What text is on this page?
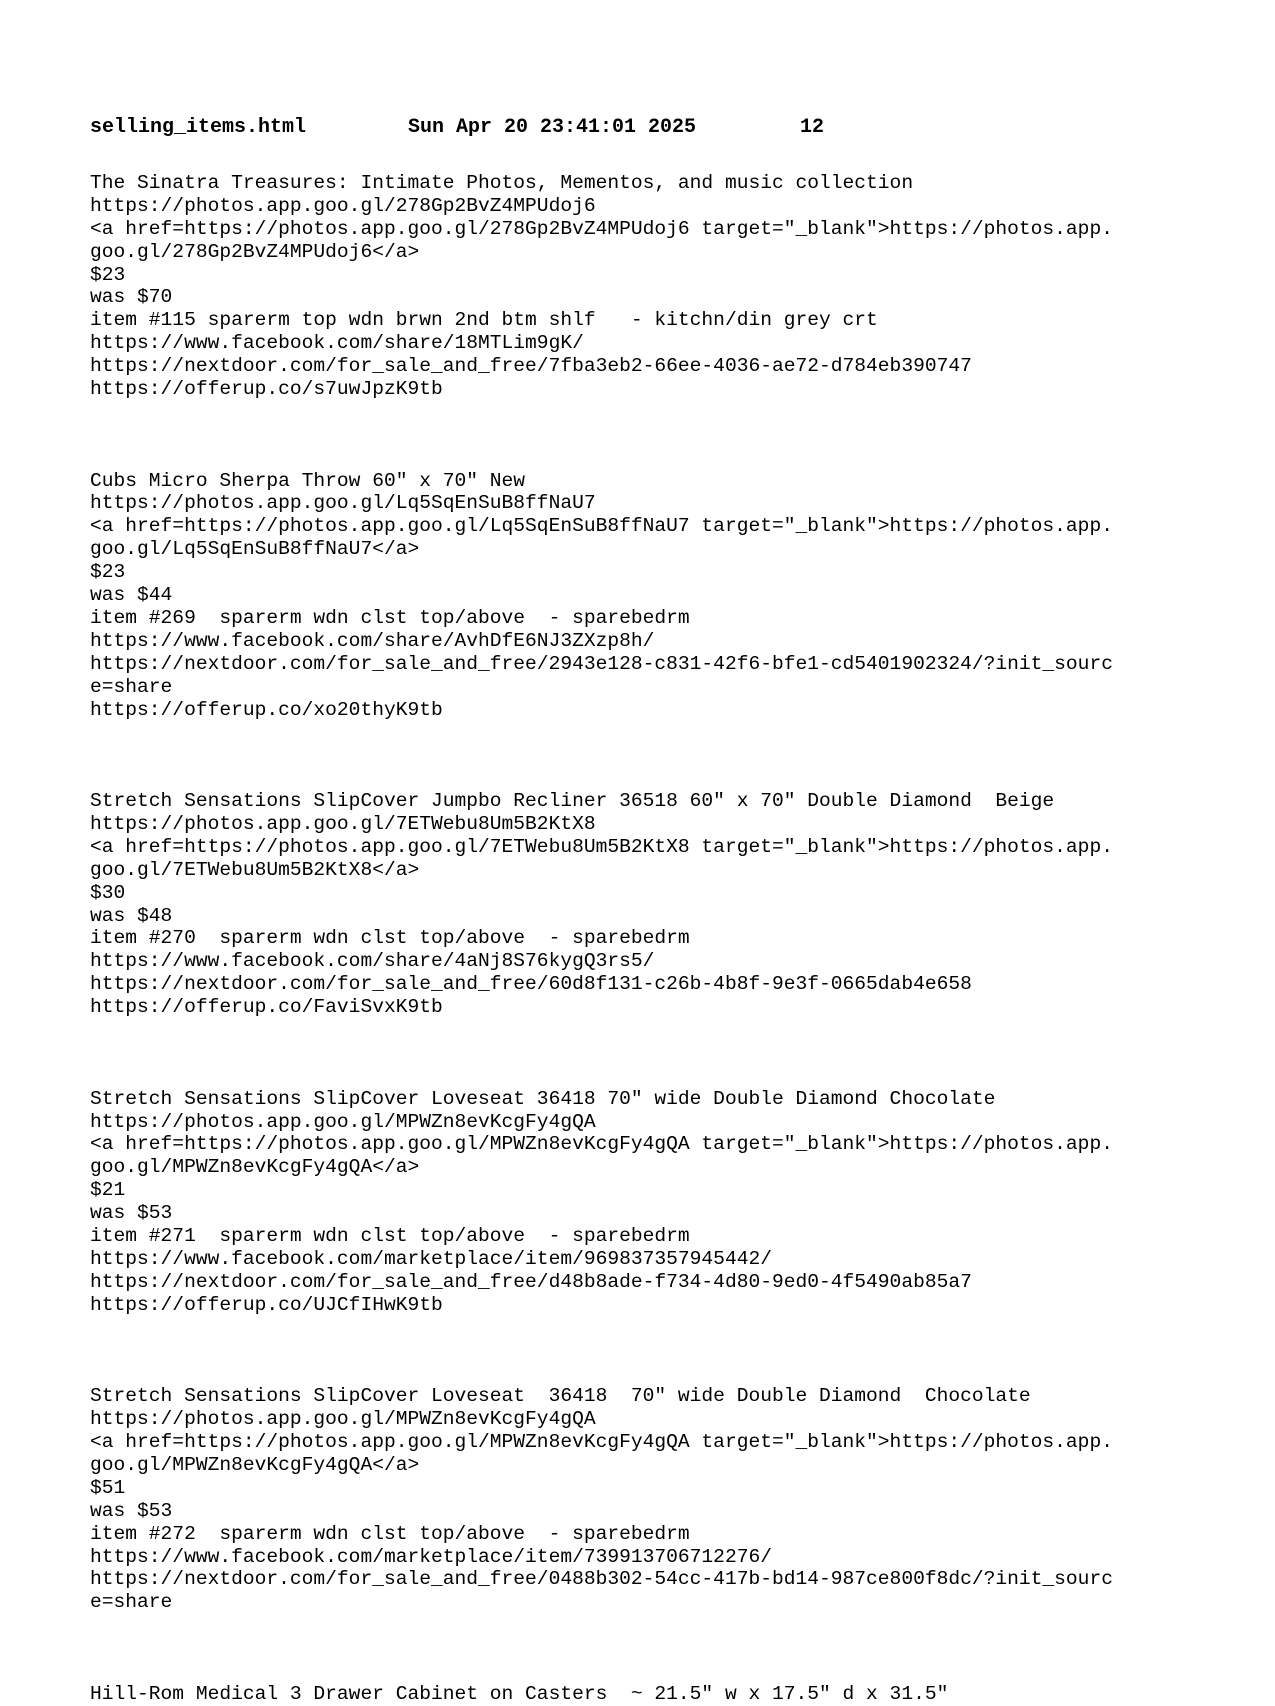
selling_items.html	Sun Apr 20 23:41:01 2025	12
The Sinatra Treasures: Intimate Photos, Mementos, and music collection
https://photos.app.goo.gl/278Gp2BvZ4MPUdoj6
<a href=https://photos.app.goo.gl/278Gp2BvZ4MPUdoj6 target="_blank">https://photos.app.
goo.gl/278Gp2BvZ4MPUdoj6</a>
$23
was $70
item #115 sparerm top wdn brwn 2nd btm shlf   - kitchn/din grey crt
https://www.facebook.com/share/18MTLim9gK/
https://nextdoor.com/for_sale_and_free/7fba3eb2-66ee-4036-ae72-d784eb390747
https://offerup.co/s7uwJpzK9tb
Cubs Micro Sherpa Throw 60" x 70" New
https://photos.app.goo.gl/Lq5SqEnSuB8ffNaU7
<a href=https://photos.app.goo.gl/Lq5SqEnSuB8ffNaU7 target="_blank">https://photos.app.
goo.gl/Lq5SqEnSuB8ffNaU7</a>
$23
was $44
item #269  sparerm wdn clst top/above  - sparebedrm
https://www.facebook.com/share/AvhDfE6NJ3ZXzp8h/
https://nextdoor.com/for_sale_and_free/2943e128-c831-42f6-bfe1-cd5401902324/?init_sourc
e=share
https://offerup.co/xo20thyK9tb
Stretch Sensations SlipCover Jumpbo Recliner 36518 60" x 70" Double Diamond  Beige
https://photos.app.goo.gl/7ETWebu8Um5B2KtX8
<a href=https://photos.app.goo.gl/7ETWebu8Um5B2KtX8 target="_blank">https://photos.app.
goo.gl/7ETWebu8Um5B2KtX8</a>
$30
was $48
item #270  sparerm wdn clst top/above  - sparebedrm
https://www.facebook.com/share/4aNj8S76kygQ3rs5/
https://nextdoor.com/for_sale_and_free/60d8f131-c26b-4b8f-9e3f-0665dab4e658
https://offerup.co/FaviSvxK9tb
Stretch Sensations SlipCover Loveseat 36418 70" wide Double Diamond Chocolate
https://photos.app.goo.gl/MPWZn8evKcgFy4gQA
<a href=https://photos.app.goo.gl/MPWZn8evKcgFy4gQA target="_blank">https://photos.app.
goo.gl/MPWZn8evKcgFy4gQA</a>
$21
was $53
item #271  sparerm wdn clst top/above  - sparebedrm
https://www.facebook.com/marketplace/item/969837357945442/
https://nextdoor.com/for_sale_and_free/d48b8ade-f734-4d80-9ed0-4f5490ab85a7
https://offerup.co/UJCfIHwK9tb
Stretch Sensations SlipCover Loveseat  36418  70" wide Double Diamond  Chocolate
https://photos.app.goo.gl/MPWZn8evKcgFy4gQA
<a href=https://photos.app.goo.gl/MPWZn8evKcgFy4gQA target="_blank">https://photos.app.
goo.gl/MPWZn8evKcgFy4gQA</a>
$51
was $53
item #272  sparerm wdn clst top/above  - sparebedrm
https://www.facebook.com/marketplace/item/739913706712276/
https://nextdoor.com/for_sale_and_free/0488b302-54cc-417b-bd14-987ce800f8dc/?init_sourc
e=share
Hill-Rom Medical 3 Drawer Cabinet on Casters  ~ 21.5" w x 17.5" d x 31.5"
